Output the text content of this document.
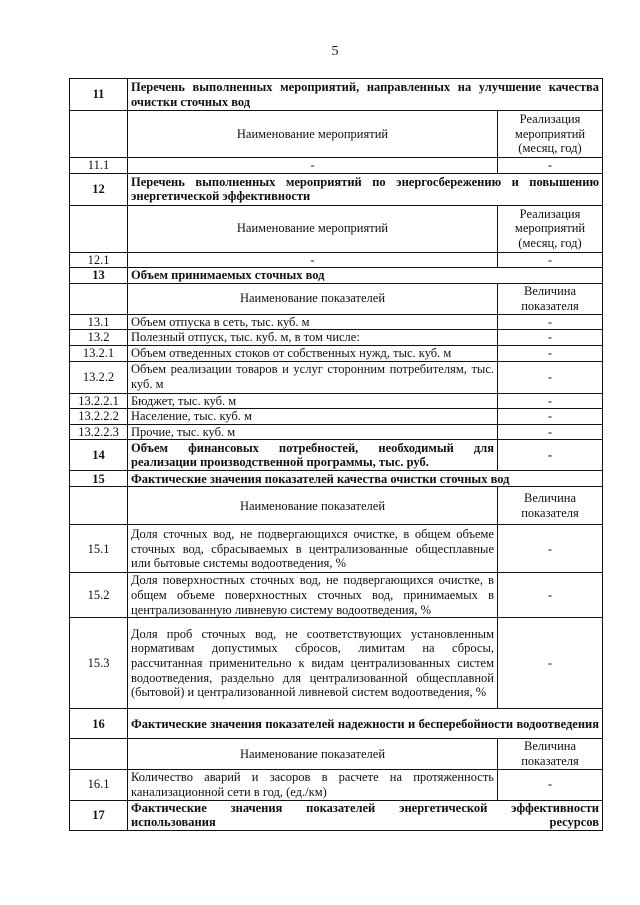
5
11	Перечень выполненных мероприятий, направленных на улучшение качества очистки сточных вод	
	Наименование мероприятий	Реализация мероприятий (месяц, год)
11.1	-	-
12	Перечень выполненных мероприятий по энергосбережению и повышению энергетической эффективности	
	Наименование мероприятий	Реализация мероприятий (месяц, год)
12.1	-	-
13	Объем принимаемых сточных вод	
	Наименование показателей	Величина показателя
13.1	Объем отпуска в сеть, тыс. куб. м	-
13.2	Полезный отпуск, тыс. куб. м, в том числе:	-
13.2.1	Объем отведенных стоков от собственных нужд, тыс. куб. м	-
13.2.2	Объем реализации товаров и услуг сторонним потребителям, тыс. куб. м	-
13.2.2.1	Бюджет, тыс. куб. м	-
13.2.2.2	Население, тыс. куб. м	-
13.2.2.3	Прочие, тыс. куб. м	-
14	Объем финансовых потребностей, необходимый для реализации производственной программы, тыс. руб.	-
15	Фактические значения показателей качества очистки сточных вод	
	Наименование показателей	Величина показателя
15.1	Доля сточных вод, не подвергающихся очистке, в общем объеме сточных вод, сбрасываемых в централизованные общесплавные или бытовые системы водоотведения, %	-
15.2	Доля поверхностных сточных вод, не подвергающихся очистке, в общем объеме поверхностных сточных вод, принимаемых в централизованную ливневую систему водоотведения, %	-
15.3	Доля проб сточных вод, не соответствующих установленным нормативам допустимых сбросов, лимитам на сбросы, рассчитанная применительно к видам централизованных систем водоотведения, раздельно для централизованной общесплавной (бытовой) и централизованной ливневой систем водоотведения, %	-
16	Фактические значения показателей надежности и бесперебойности водоотведения	
	Наименование показателей	Величина показателя
16.1	Количество аварий и засоров в расчете на протяженность канализационной сети в год, (ед./км)	-
17	Фактические значения показателей энергетической эффективности использования ресурсов	
